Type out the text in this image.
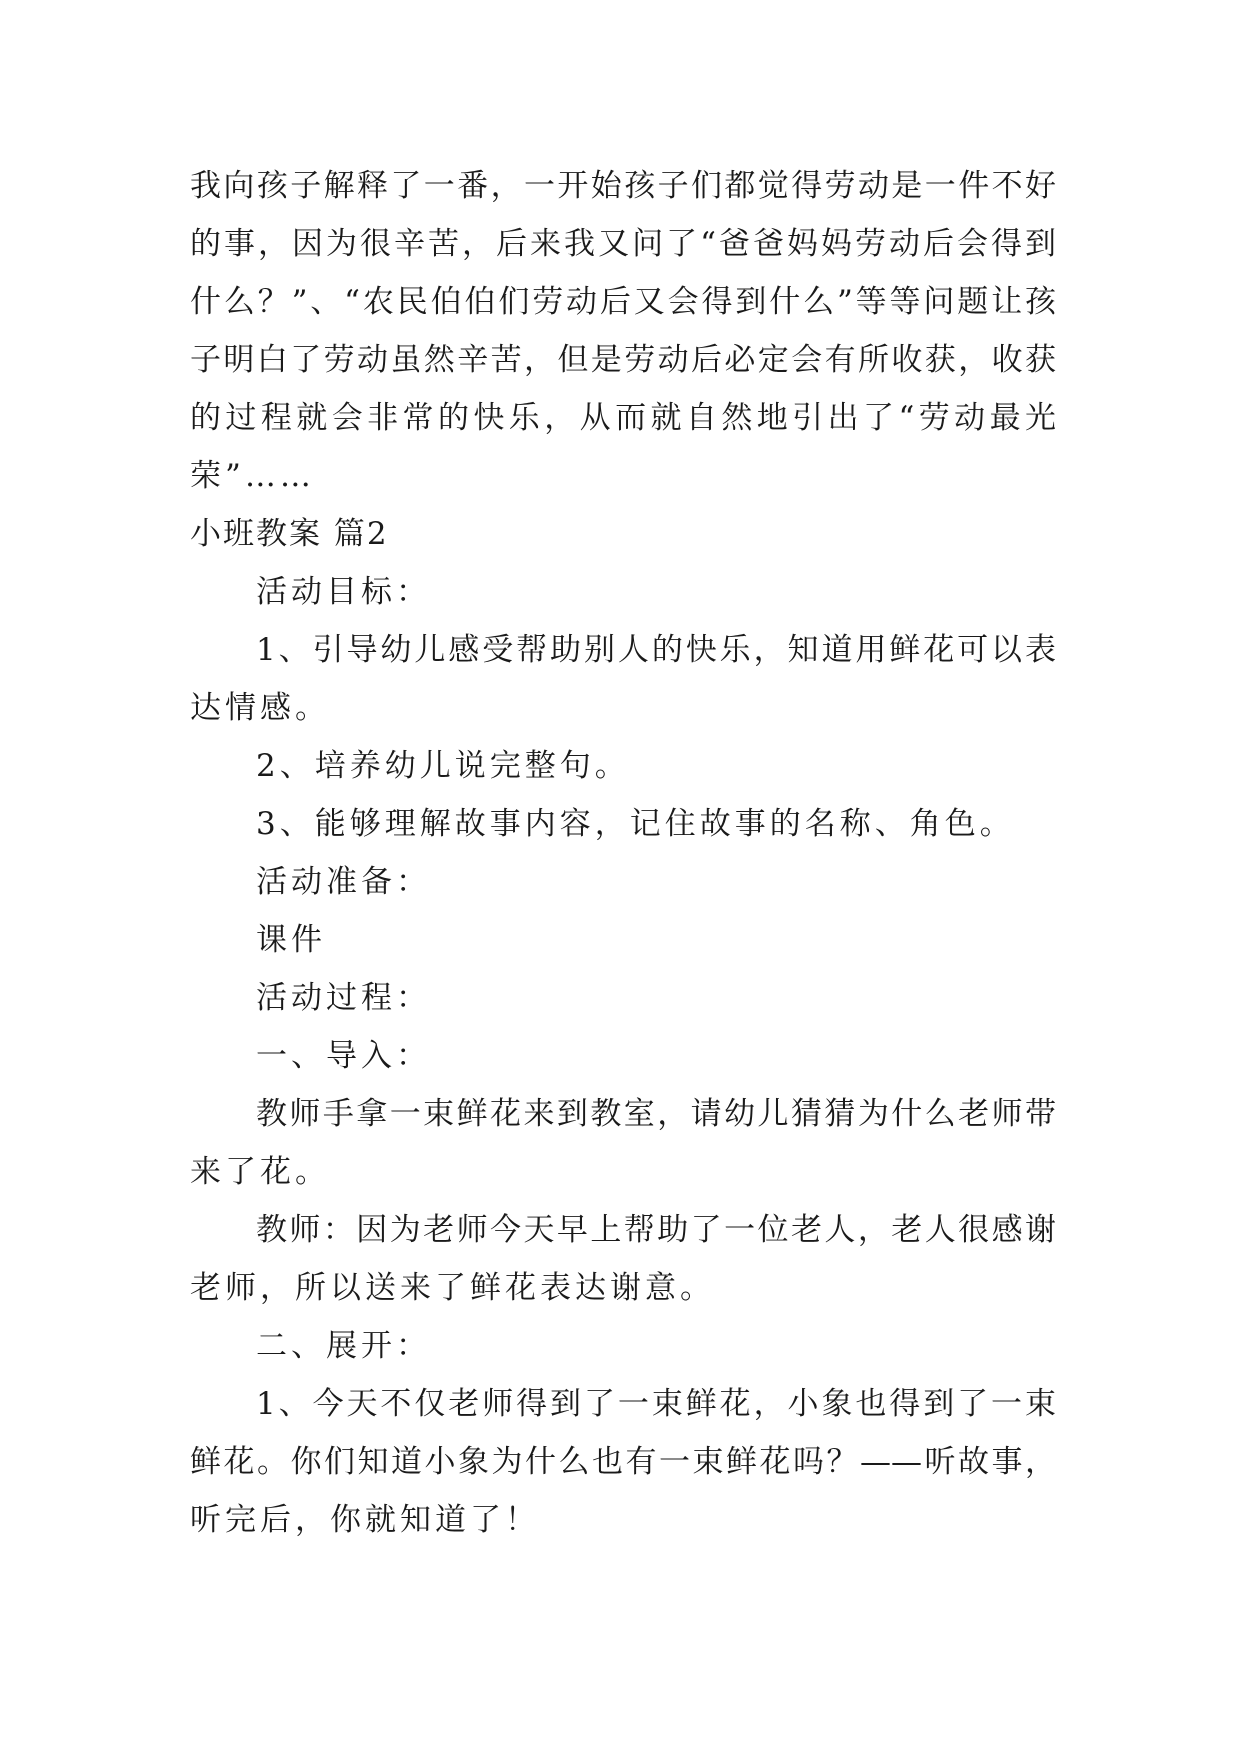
我向孩子解释了一番，一开始孩子们都觉得劳动是一件不好

的事，因为很辛苦，后来我又问了“爸爸妈妈劳动后会得到

什么？”、“农民伯伯们劳动后又会得到什么”等等问题让孩

子明白了劳动虽然辛苦，但是劳动后必定会有所收获，收获

的过程就会非常的快乐，从而就自然地引出了“劳动最光

荣”……

小班教案 篇2

活动目标：

1、引导幼儿感受帮助别人的快乐，知道用鲜花可以表

达情感。

2、培养幼儿说完整句。

3、能够理解故事内容，记住故事的名称、角色。

活动准备：

课件

活动过程：

一、导入：

教师手拿一束鲜花来到教室，请幼儿猜猜为什么老师带

来了花。

教师：因为老师今天早上帮助了一位老人，老人很感谢

老师，所以送来了鲜花表达谢意。

二、展开：

1、今天不仅老师得到了一束鲜花，小象也得到了一束

鲜花。你们知道小象为什么也有一束鲜花吗？——听故事，

听完后，你就知道了！
